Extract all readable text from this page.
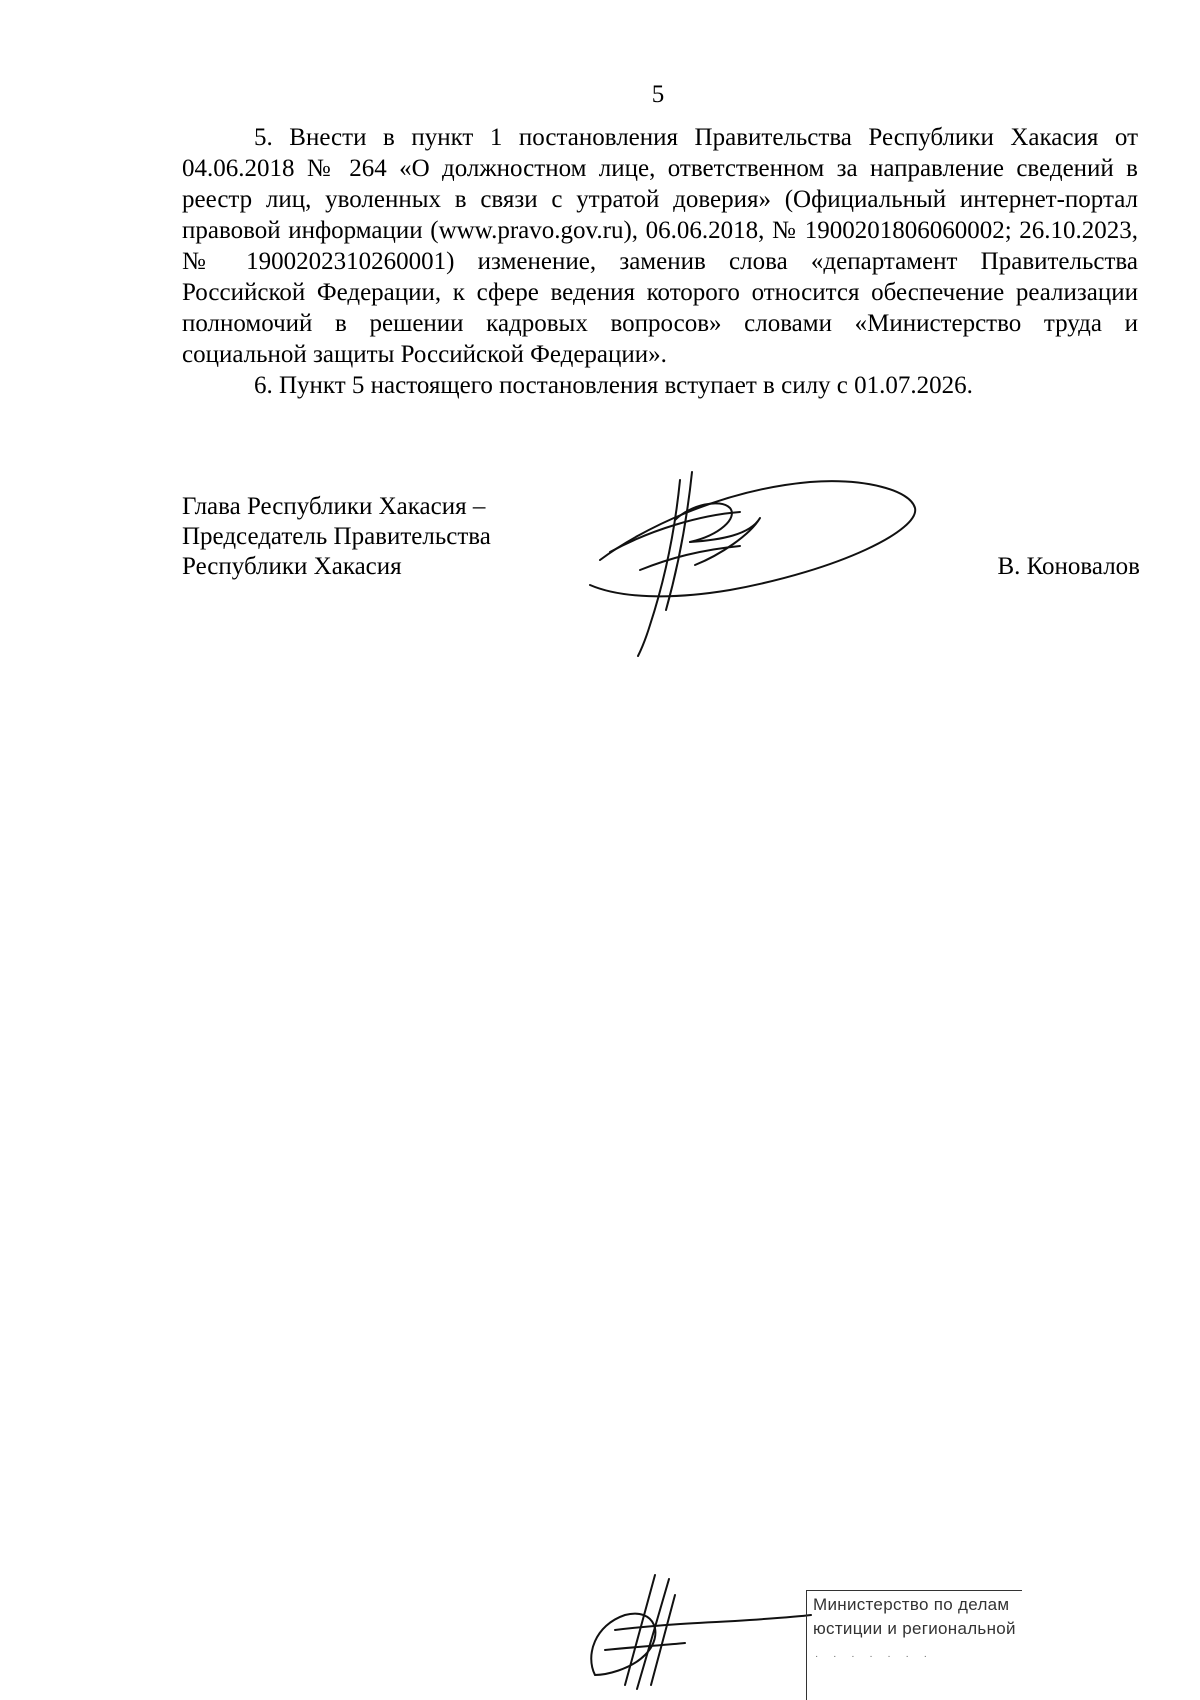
5

5. Внести в пункт 1 постановления Правительства Республики Хакасия от 04.06.2018 № 264 «О должностном лице, ответственном за направление сведений в реестр лиц, уволенных в связи с утратой доверия» (Официальный интернет-портал правовой информации (www.pravo.gov.ru), 06.06.2018, № 1900201806060002; 26.10.2023, № 1900202310260001) изменение, заменив слова «департамент Правительства Российской Федерации, к сфере ведения которого относится обеспечение реализации полномочий в решении кадровых вопросов» словами «Министерство труда и социальной защиты Российской Федерации».

6. Пункт 5 настоящего постановления вступает в силу с 01.07.2026.

Глава Республики Хакасия –
Председатель Правительства
Республики Хакасия	В. Коновалов
Министерство по делам
юстиции и региональной
· · · · · · ·
